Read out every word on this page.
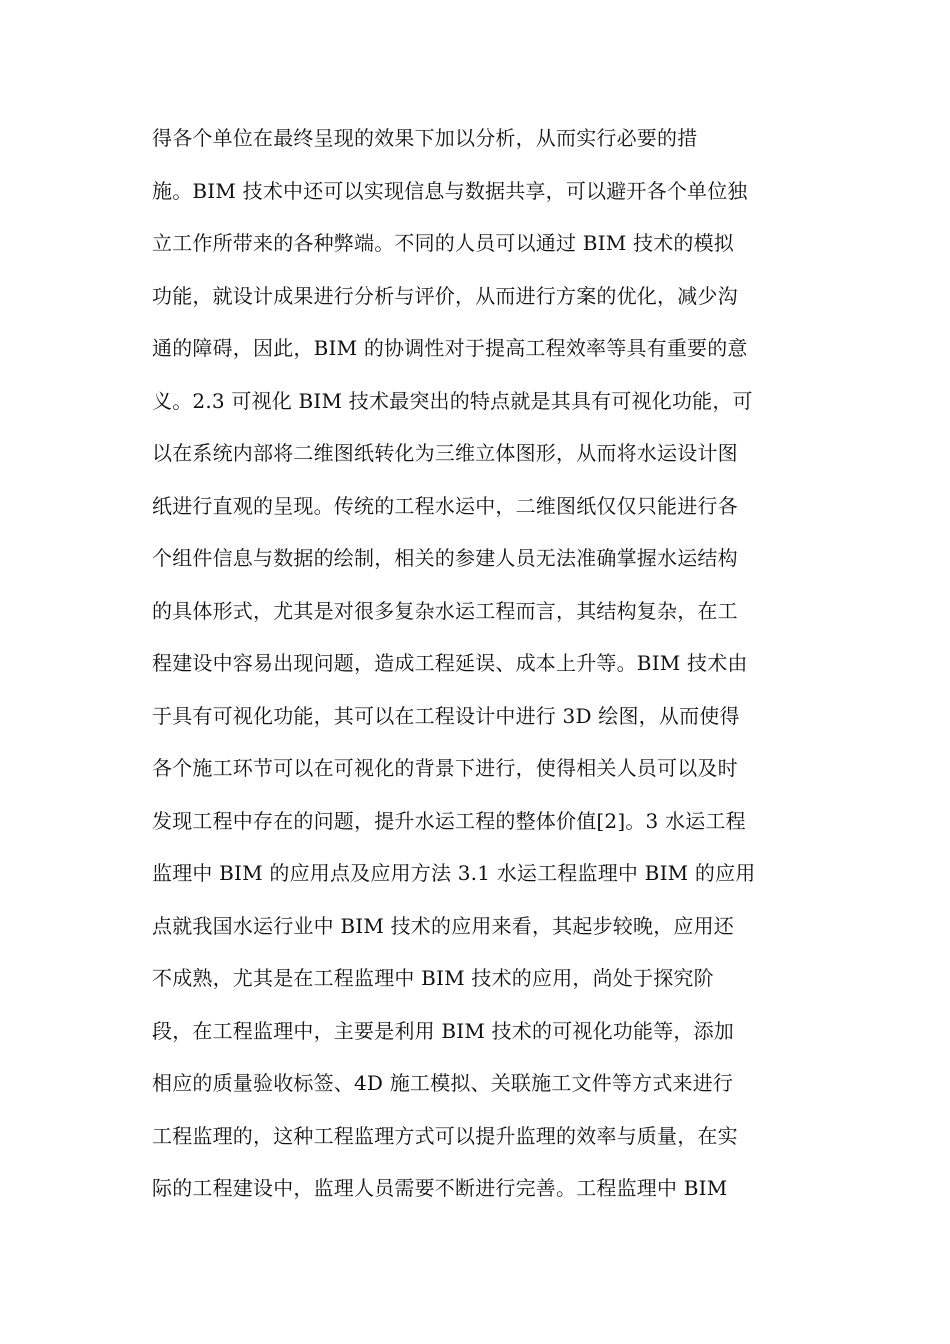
得各个单位在最终呈现的效果下加以分析，从而实行必要的措
施。BIM 技术中还可以实现信息与数据共享，可以避开各个单位独
立工作所带来的各种弊端。不同的人员可以通过 BIM 技术的模拟
功能，就设计成果进行分析与评价，从而进行方案的优化，减少沟
通的障碍，因此，BIM 的协调性对于提高工程效率等具有重要的意
义。2.3 可视化 BIM 技术最突出的特点就是其具有可视化功能，可
以在系统内部将二维图纸转化为三维立体图形，从而将水运设计图
纸进行直观的呈现。传统的工程水运中，二维图纸仅仅只能进行各
个组件信息与数据的绘制，相关的参建人员无法准确掌握水运结构
的具体形式，尤其是对很多复杂水运工程而言，其结构复杂，在工
程建设中容易出现问题，造成工程延误、成本上升等。BIM 技术由
于具有可视化功能，其可以在工程设计中进行 3D 绘图，从而使得
各个施工环节可以在可视化的背景下进行，使得相关人员可以及时
发现工程中存在的问题，提升水运工程的整体价值[2]。3 水运工程
监理中 BIM 的应用点及应用方法 3.1 水运工程监理中 BIM 的应用
点就我国水运行业中 BIM 技术的应用来看，其起步较晚，应用还
不成熟，尤其是在工程监理中 BIM 技术的应用，尚处于探究阶
段，在工程监理中，主要是利用 BIM 技术的可视化功能等，添加
相应的质量验收标签、4D 施工模拟、关联施工文件等方式来进行
工程监理的，这种工程监理方式可以提升监理的效率与质量，在实
际的工程建设中，监理人员需要不断进行完善。工程监理中 BIM
